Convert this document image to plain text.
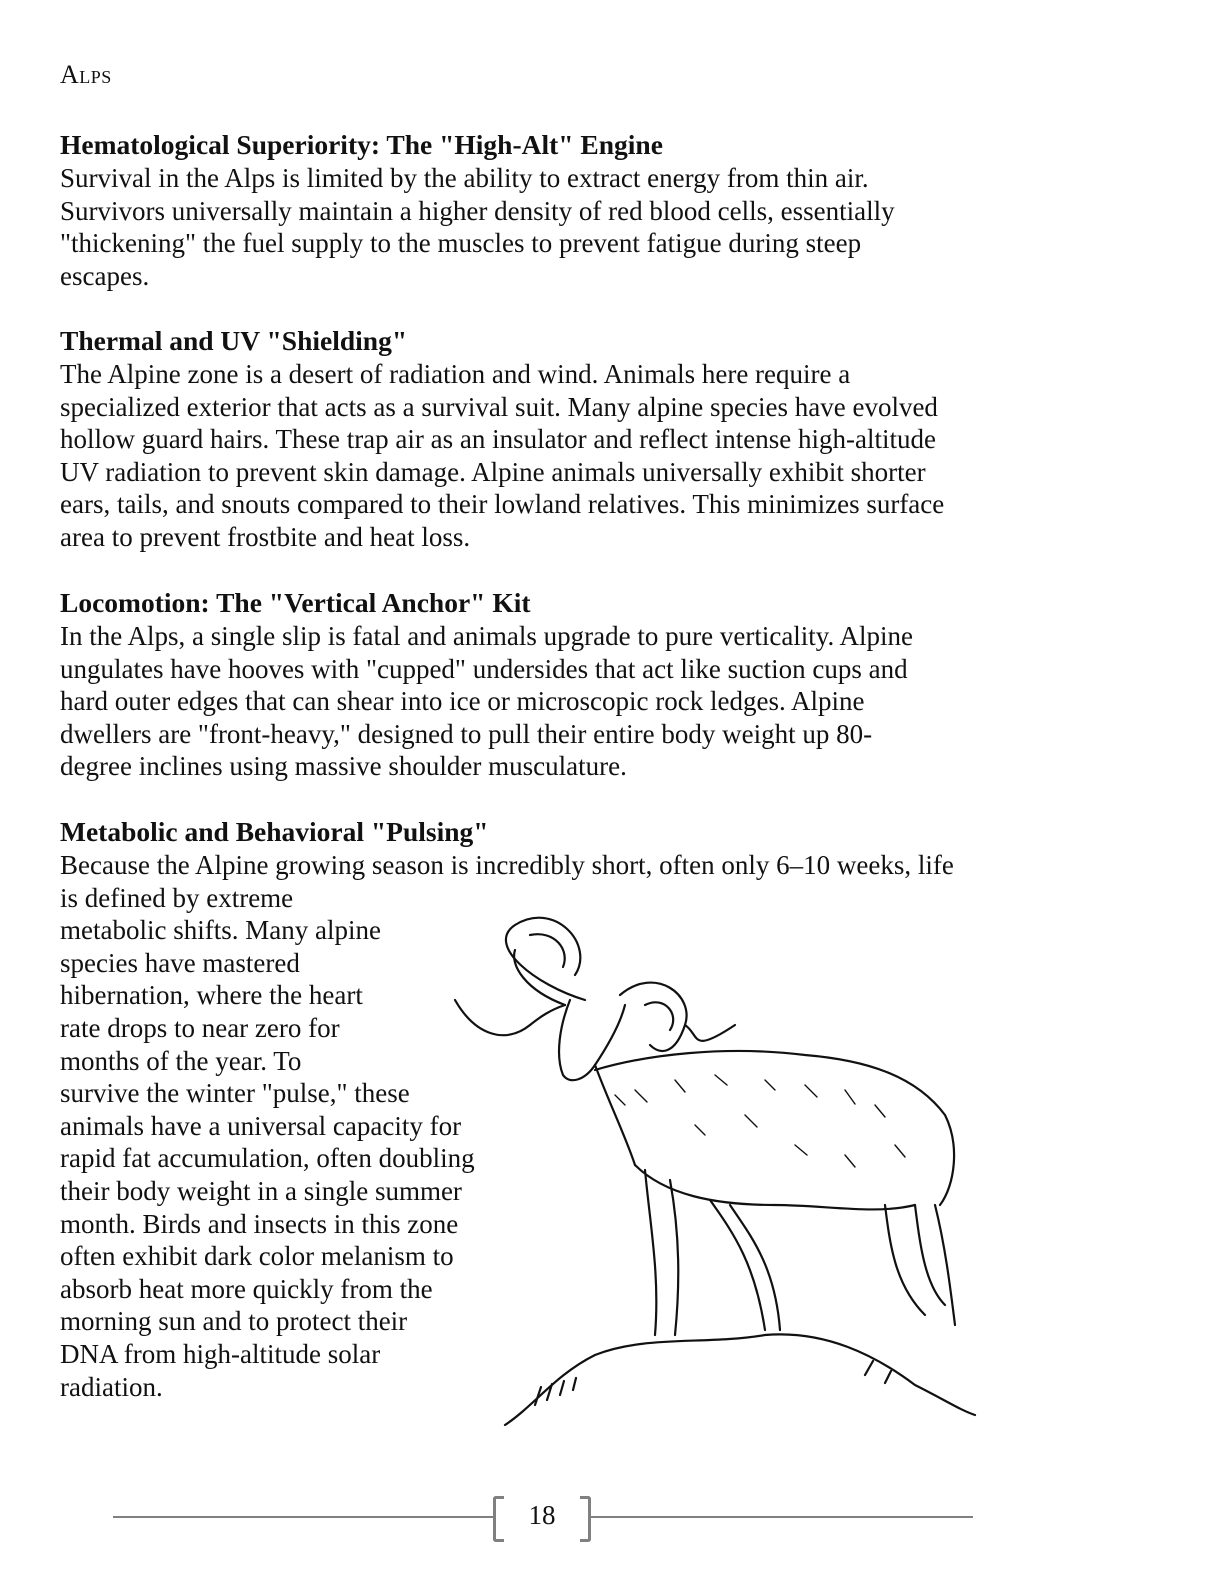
Alps
Hematological Superiority: The "High-Alt" Engine

Survival in the Alps is limited by the ability to extract energy from thin air.
Survivors universally maintain a higher density of red blood cells, essentially
"thickening" the fuel supply to the muscles to prevent fatigue during steep
escapes.

Thermal and UV "Shielding"

The Alpine zone is a desert of radiation and wind. Animals here require a
specialized exterior that acts as a survival suit. Many alpine species have evolved
hollow guard hairs. These trap air as an insulator and reflect intense high-altitude
UV radiation to prevent skin damage. Alpine animals universally exhibit shorter
ears, tails, and snouts compared to their lowland relatives. This minimizes surface
area to prevent frostbite and heat loss.

Locomotion: The "Vertical Anchor" Kit

In the Alps, a single slip is fatal and animals upgrade to pure verticality. Alpine
ungulates have hooves with "cupped" undersides that act like suction cups and
hard outer edges that can shear into ice or microscopic rock ledges. Alpine
dwellers are "front-heavy," designed to pull their entire body weight up 80-
degree inclines using massive shoulder musculature.

Metabolic and Behavioral "Pulsing"

Because the Alpine growing season is incredibly short, often only 6–10 weeks, life
is defined by extreme
metabolic shifts. Many alpine
species have mastered
hibernation, where the heart
rate drops to near zero for
months of the year. To
survive the winter "pulse," these
animals have a universal capacity for
rapid fat accumulation, often doubling
their body weight in a single summer
month. Birds and insects in this zone
often exhibit dark color melanism to
absorb heat more quickly from the
morning sun and to protect their
DNA from high-altitude solar
radiation.

18
